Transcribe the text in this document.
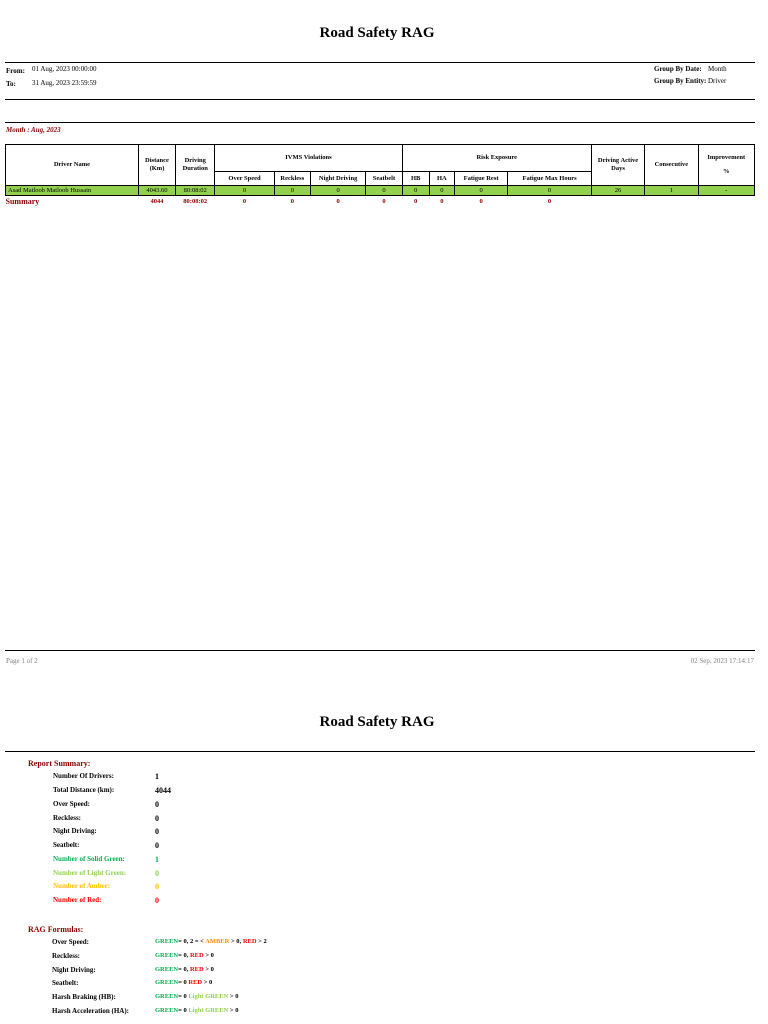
Road Safety RAG
From: 01 Aug, 2023 00:00:00
To: 31 Aug, 2023 23:59:59
Group By Date: Month
Group By Entity: Driver
Month : Aug, 2023
Driver Name	Distance (Km)	Driving Duration	IVMS Violations				Risk Exposure				Driving Active Days	Consecutive	Improvement
%

			Over Speed	Reckless	Night Driving	Seatbelt	HB	HA	Fatigue Rest	Fatigue Max Hours			
Asad Matloob Matloob Hussain	4043.60	80:08:02	0	0	0	0	0	0	0	0	26	1	-
Summary	4044	80:08:02	0	0	0	0	0	0	0	0			
Page 1 of 2	02 Sep, 2023 17:14:17
Road Safety RAG
Report Summary:
Number Of Drivers:	1
Total Distance (km):	4044
Over Speed:	0
Reckless:	0
Night Driving:	0
Seatbelt:	0
Number of Solid Green:	1
Number of Light Green:	0
Number of Amber:	0
Number of Red:	0
RAG Formulas:
Over Speed:	GREEN= 0, 2 = < AMBER > 0, RED > 2
Reckless:	GREEN= 0, RED > 0
Night Driving:	GREEN= 0, RED > 0
Seatbelt:	GREEN= 0 RED > 0
Harsh Braking (HB):	GREEN= 0 Light GREEN > 0
Harsh Acceleration (HA):	GREEN= 0 Light GREEN > 0
